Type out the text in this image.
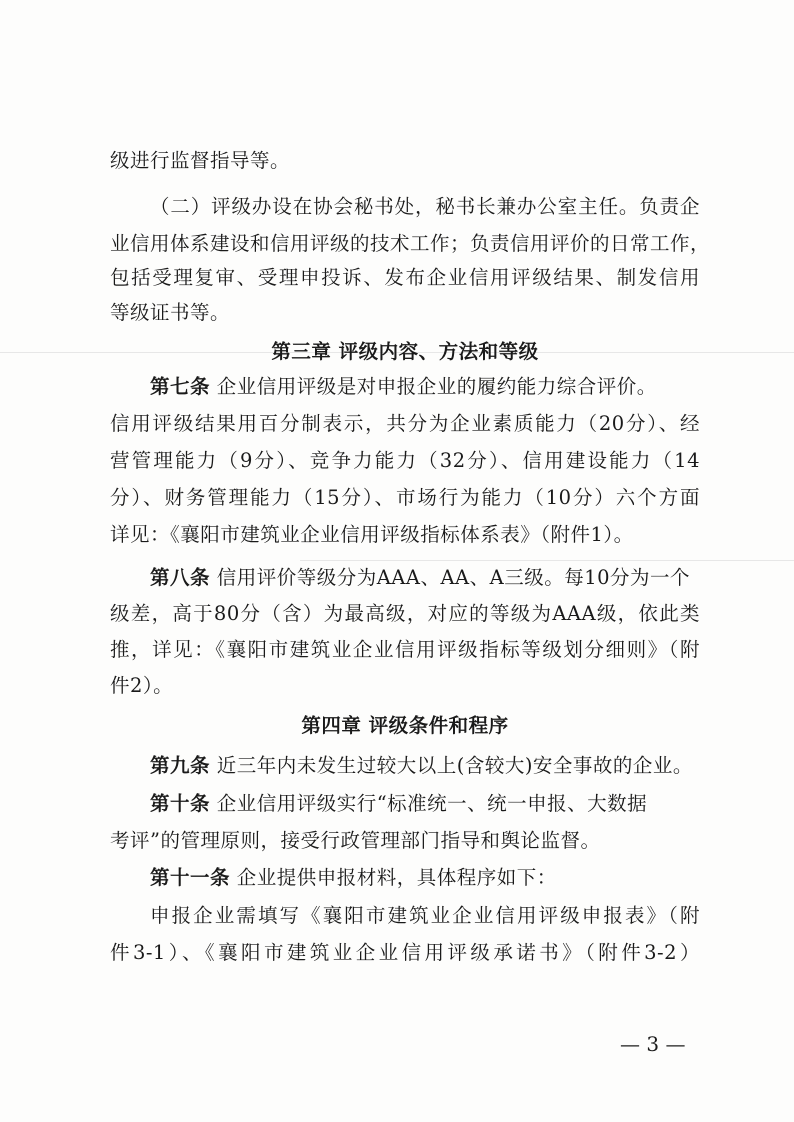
级进行监督指导等。
（二）评级办设在协会秘书处，秘书长兼办公室主任。负责企
业信用体系建设和信用评级的技术工作；负责信用评价的日常工作，
包括受理复审、受理申投诉、发布企业信用评级结果、制发信用
等级证书等。
第三章 评级内容、方法和等级
第七条 企业信用评级是对申报企业的履约能力综合评价。
信用评级结果用百分制表示，共分为企业素质能力（20分）、经
营管理能力（9分）、竞争力能力（32分）、信用建设能力（14
分）、财务管理能力（15分）、市场行为能力（10分）六个方面
详见：《襄阳市建筑业企业信用评级指标体系表》（附件1）。
第八条 信用评价等级分为AAA、AA、A三级。每10分为一个
级差，高于80分（含）为最高级，对应的等级为AAA级，依此类
推，详见：《襄阳市建筑业企业信用评级指标等级划分细则》（附
件2）。
第四章 评级条件和程序
第九条 近三年内未发生过较大以上(含较大)安全事故的企业。
第十条 企业信用评级实行“标准统一、统一申报、大数据
考评”的管理原则，接受行政管理部门指导和舆论监督。
第十一条 企业提供申报材料，具体程序如下：
申报企业需填写《襄阳市建筑业企业信用评级申报表》（附
件3-1）、《襄阳市建筑业企业信用评级承诺书》（附件3-2）
— 3 —
